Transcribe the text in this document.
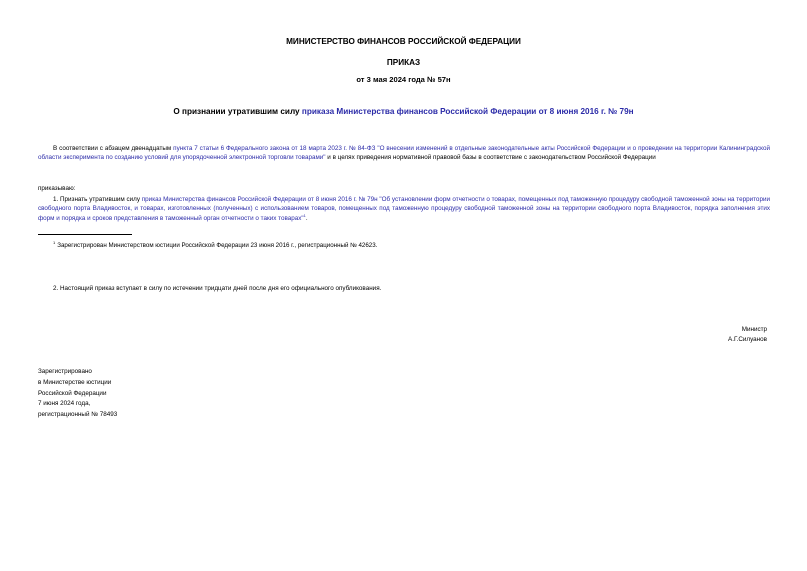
МИНИСТЕРСТВО ФИНАНСОВ РОССИЙСКОЙ ФЕДЕРАЦИИ
ПРИКАЗ
от 3 мая 2024 года № 57н
О признании утратившим силу приказа Министерства финансов Российской Федерации от 8 июня 2016 г. № 79н
В соответствии с абзацем двенадцатым пункта 7 статьи 6 Федерального закона от 18 марта 2023 г. № 84-ФЗ "О внесении изменений в отдельные законодательные акты Российской Федерации и о проведении на территории Калининградской области эксперимента по созданию условий для упорядоченной электронной торговли товарами" и в целях приведения нормативной правовой базы в соответствие с законодательством Российской Федерации
приказываю:
1. Признать утратившим силу приказ Министерства финансов Российской Федерации от 8 июня 2016 г. № 79н "Об установлении форм отчетности о товарах, помещенных под таможенную процедуру свободной таможенной зоны на территории свободного порта Владивосток, и товарах, изготовленных (полученных) с использованием товаров, помещенных под таможенную процедуру свободной таможенной зоны на территории свободного порта Владивосток, порядка заполнения этих форм и порядка и сроков представления в таможенный орган отчетности о таких товарах"$^1$.
$^1$ Зарегистрирован Министерством юстиции Российской Федерации 23 июня 2016 г., регистрационный № 42623.
2. Настоящий приказ вступает в силу по истечении тридцати дней после дня его официального опубликования.
Министр
А.Г.Силуанов
Зарегистрировано
в Министерстве юстиции
Российской Федерации
7 июня 2024 года,
регистрационный № 78493
